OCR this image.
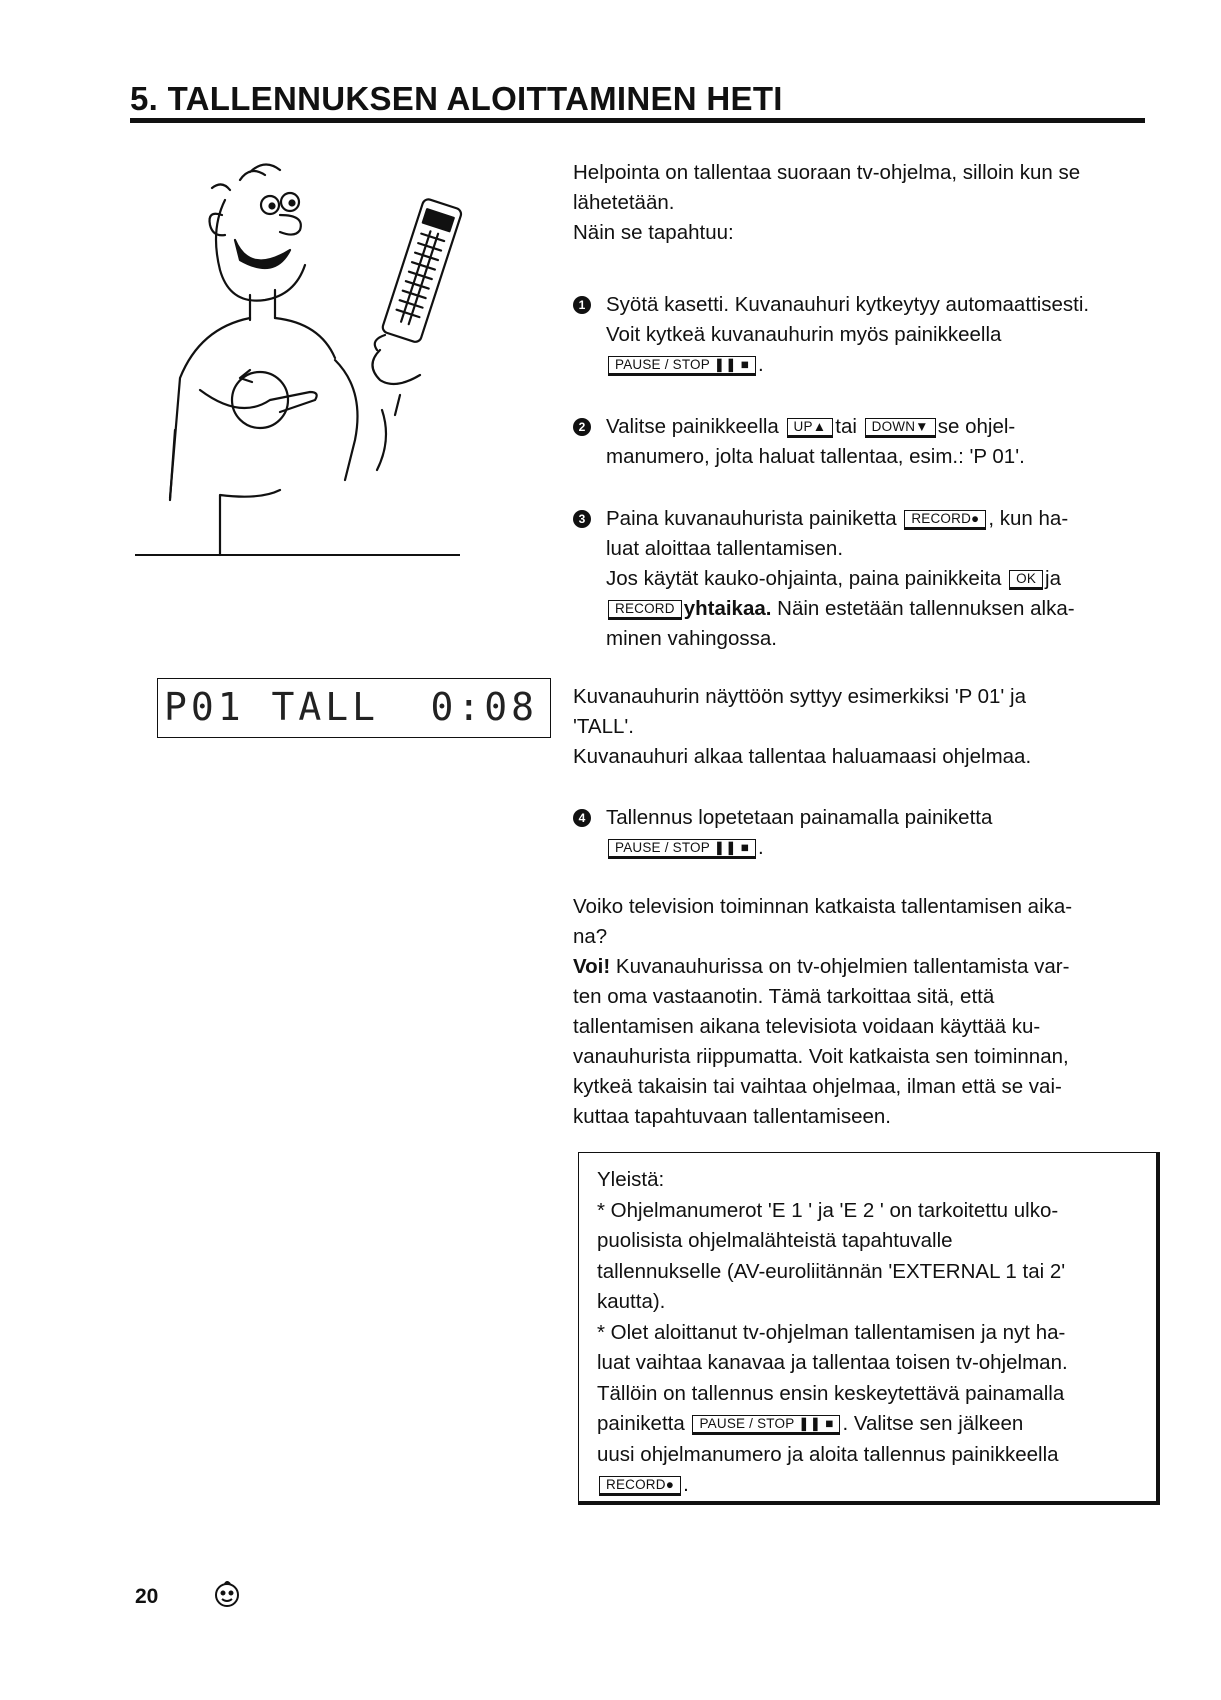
5. TALLENNUKSEN ALOITTAMINEN HETI

Helpointa on tallentaa suoraan tv-ohjelma, silloin kun se

lähetetään.

Näin se tapahtuu:

1 Syötä kasetti. Kuvanauhuri kytkeytyy automaattisesti.
Voit kytkeä kuvanauhurin myös painikkeella
PAUSE / STOP ❚❚ ■ .
2 Valitse painikkeella UP▲ tai DOWN▼ se ohjel-
manumero, jolta haluat tallentaa, esim.: 'P 01'.
3 Paina kuvanauhurista painiketta RECORD● , kun ha-
luat aloittaa tallentamisen.
Jos käytät kauko-ohjainta, paina painikkeita OK ja
RECORD yhtaikaa. Näin estetään tallennuksen alka-
minen vahingossa.
P01 TALL 0:08 Kuvanauhurin näyttöön syttyy esimerkiksi 'P 01' ja

'TALL'.

Kuvanauhuri alkaa tallentaa haluamaasi ohjelmaa.

4 Tallennus lopetetaan painamalla painiketta
PAUSE / STOP ❚❚ ■ .

Voiko television toiminnan katkaista tallentamisen aika-

na?

Voi! Kuvanauhurissa on tv-ohjelmien tallentamista var-

ten oma vastaanotin. Tämä tarkoittaa sitä, että

tallentamisen aikana televisiota voidaan käyttää ku-

vanauhurista riippumatta. Voit katkaista sen toiminnan,

kytkeä takaisin tai vaihtaa ohjelmaa, ilman että se vai-

kuttaa tapahtuvaan tallentamiseen.

Yleistä:

* Ohjelmanumerot 'E 1 ' ja 'E 2 ' on tarkoitettu ulko-

puolisista ohjelmalähteistä tapahtuvalle

tallennukselle (AV-euroliitännän 'EXTERNAL 1 tai 2'

kautta).

* Olet aloittanut tv-ohjelman tallentamisen ja nyt ha-

luat vaihtaa kanavaa ja tallentaa toisen tv-ohjelman.

Tällöin on tallennus ensin keskeytettävä painamalla

painiketta PAUSE / STOP ❚❚ ■ . Valitse sen jälkeen

uusi ohjelmanumero ja aloita tallennus painikkeella

RECORD● .

20
